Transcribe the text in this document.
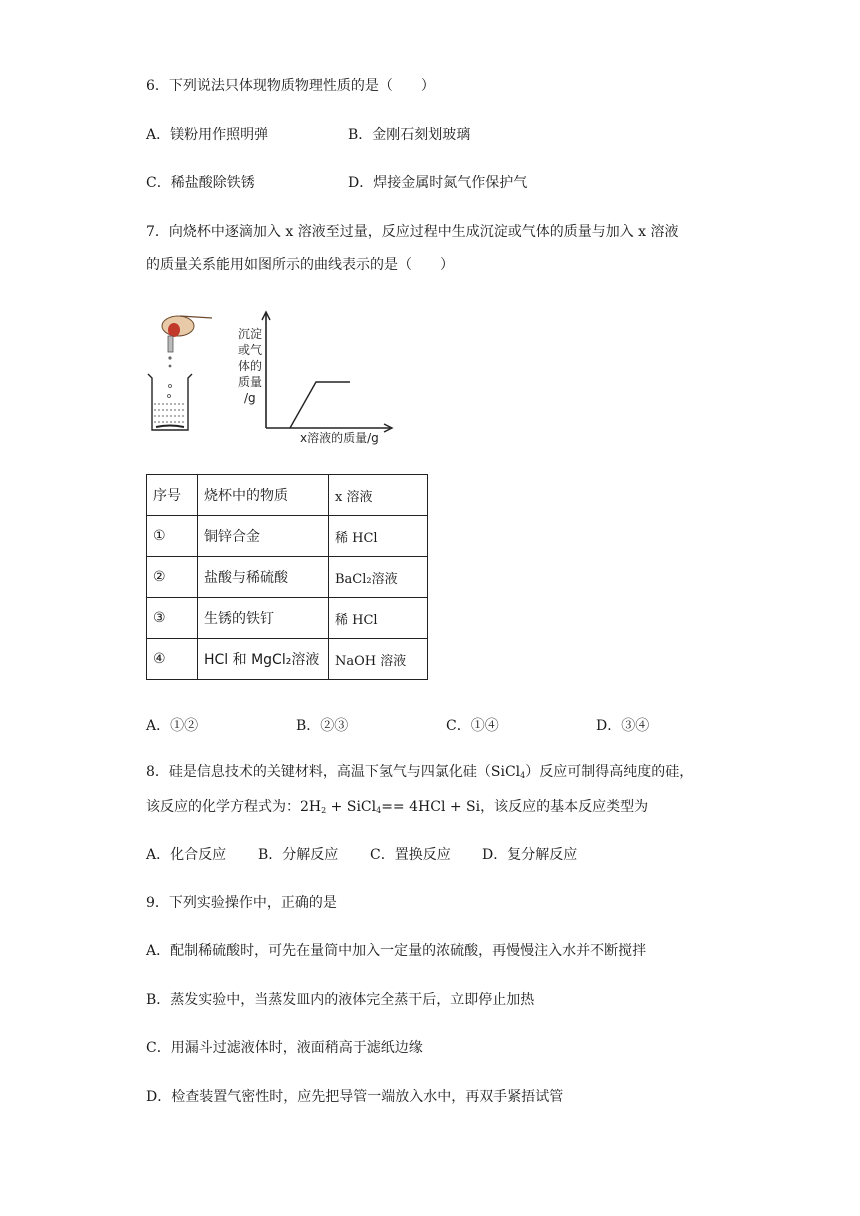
6．下列说法只体现物质物理性质的是（　　）
A．镁粉用作照明弹	B．金刚石刻划玻璃
C．稀盐酸除铁锈	D．焊接金属时氮气作保护气
7．向烧杯中逐滴加入 x 溶液至过量，反应过程中生成沉淀或气体的质量与加入 x 溶液
的质量关系能用如图所示的曲线表示的是（　　）
沉淀
或气
体的
质量
/g
x溶液的质量/g
序号	烧杯中的物质	x 溶液
①	铜锌合金	稀 HCl
②	盐酸与稀硫酸	BaCl₂溶液
③	生锈的铁钉	稀 HCl
④	HCl 和 MgCl₂溶液	NaOH 溶液
A．①②	B．②③	C．①④	D．③④
8．硅是信息技术的关键材料，高温下氢气与四氯化硅（SiCl$_4$）反应可制得高纯度的硅，
该反应的化学方程式为：$2H_2$ + SiCl$_4$== 4HCl + Si，该反应的基本反应类型为
A．化合反应 B．分解反应 C．置换反应 D．复分解反应
9．下列实验操作中，正确的是
A．配制稀硫酸时，可先在量筒中加入一定量的浓硫酸，再慢慢注入水并不断搅拌
B．蒸发实验中，当蒸发皿内的液体完全蒸干后，立即停止加热
C．用漏斗过滤液体时，液面稍高于滤纸边缘
D．检查装置气密性时，应先把导管一端放入水中，再双手紧捂试管
